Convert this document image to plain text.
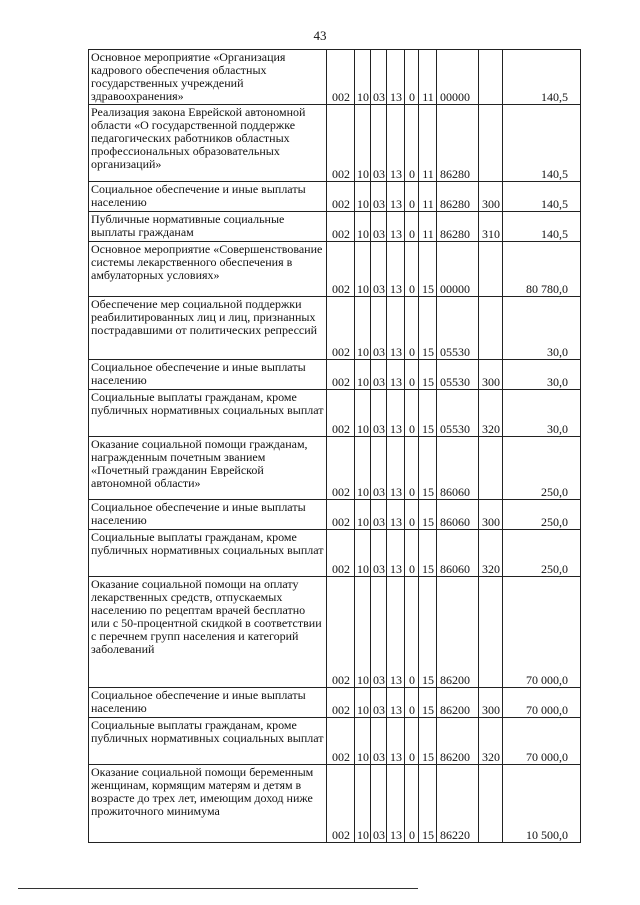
43
Основное мероприятие «Организация кадрового обеспечения областных государственных учреждений здравоохранения»	002	10	03	13	0	11	00000		140,5
Реализация закона Еврейской автономной области «О государственной поддержке педагогических работников областных профессиональных образовательных организаций»	002	10	03	13	0	11	86280		140,5
Социальное обеспечение и иные выплаты населению	002	10	03	13	0	11	86280	300	140,5
Публичные нормативные социальные выплаты гражданам	002	10	03	13	0	11	86280	310	140,5
Основное мероприятие «Совершенствование системы лекарственного обеспечения в амбулаторных условиях»	002	10	03	13	0	15	00000		80 780,0
Обеспечение мер социальной поддержки реабилитированных лиц и лиц, признанных пострадавшими от политических репрессий	002	10	03	13	0	15	05530		30,0
Социальное обеспечение и иные выплаты населению	002	10	03	13	0	15	05530	300	30,0
Социальные выплаты гражданам, кроме публичных нормативных социальных выплат	002	10	03	13	0	15	05530	320	30,0
Оказание социальной помощи гражданам, награжденным почетным званием «Почетный гражданин Еврейской автономной области»	002	10	03	13	0	15	86060		250,0
Социальное обеспечение и иные выплаты населению	002	10	03	13	0	15	86060	300	250,0
Социальные выплаты гражданам, кроме публичных нормативных социальных выплат	002	10	03	13	0	15	86060	320	250,0
Оказание социальной помощи на оплату лекарственных средств, отпускаемых населению по рецептам врачей бесплатно или с 50-процентной скидкой в соответствии с перечнем групп населения и категорий заболеваний	002	10	03	13	0	15	86200		70 000,0
Социальное обеспечение и иные выплаты населению	002	10	03	13	0	15	86200	300	70 000,0
Социальные выплаты гражданам, кроме публичных нормативных социальных выплат	002	10	03	13	0	15	86200	320	70 000,0
Оказание социальной помощи беременным женщинам, кормящим матерям и детям в возрасте до трех лет, имеющим доход ниже прожиточного минимума	002	10	03	13	0	15	86220		10 500,0
